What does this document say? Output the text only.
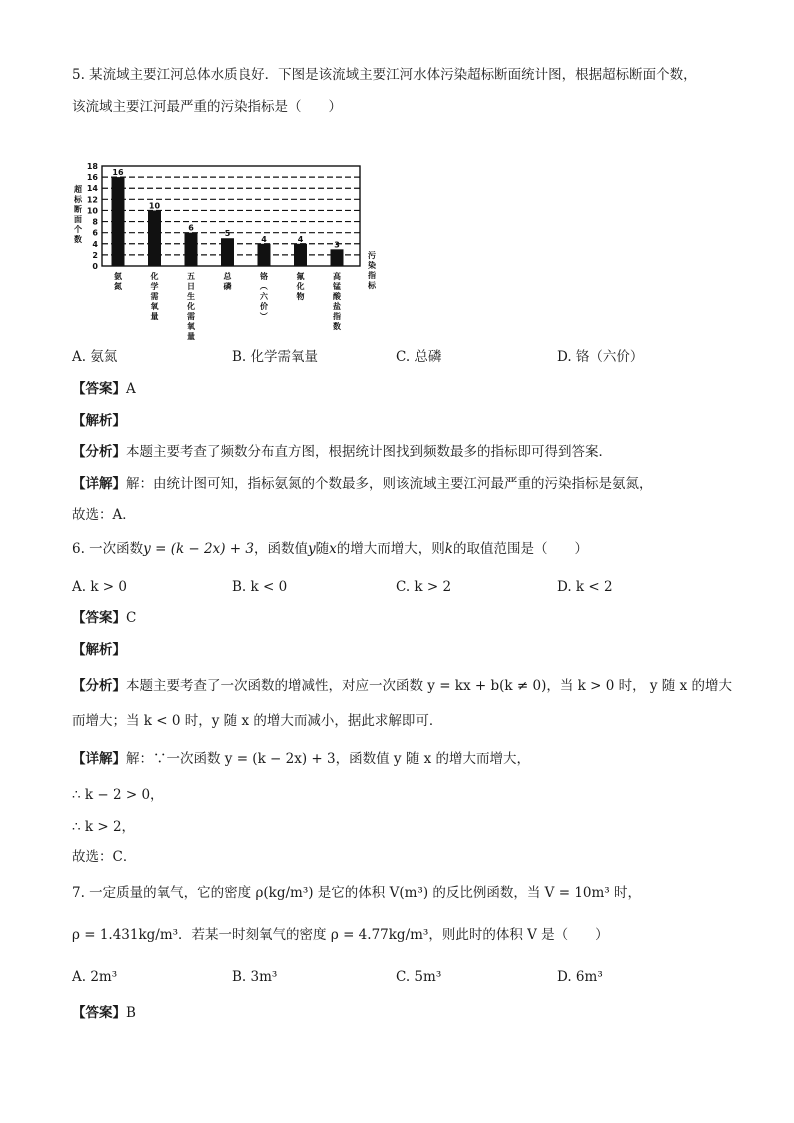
5. 某流域主要江河总体水质良好．下图是该流域主要江河水体污染超标断面统计图，根据超标断面个数，
该流域主要江河最严重的污染指标是（　　）
0
2
4
6
8
10
12
14
16
18
超
标
断
面
个
数
16
氨
氮
10
化
学
需
氧
量
6
五
日
生
化
需
氧
量
5
总
磷
4
铬
（
六
价
）
4
氟
化
物
3
高
锰
酸
盐
指
数
污
染
指
标
A. 氨氮	B. 化学需氧量	C. 总磷	D. 铬（六价）
【答案】A
【解析】
【分析】本题主要考查了频数分布直方图，根据统计图找到频数最多的指标即可得到答案．
【详解】解：由统计图可知，指标氨氮的个数最多，则该流域主要江河最严重的污染指标是氨氮，
故选：A．
6. 一次函数y = (k − 2x) + 3，函数值y随x的增大而增大，则k的取值范围是（　　）
A. k > 0	B. k < 0	C. k > 2	D. k < 2
【答案】C
【解析】
【分析】本题主要考查了一次函数的增减性，对应一次函数 y = kx + b(k ≠ 0)，当 k > 0 时， y 随 x 的增大
而增大；当 k < 0 时，y 随 x 的增大而减小，据此求解即可．
【详解】解：∵一次函数 y = (k − 2x) + 3，函数值 y 随 x 的增大而增大，
∴ k − 2 > 0，
∴ k > 2，
故选：C．
7. 一定质量的氧气，它的密度 ρ(kg/m³) 是它的体积 V(m³) 的反比例函数，当 V = 10m³ 时，
ρ = 1.431kg/m³．若某一时刻氧气的密度 ρ = 4.77kg/m³，则此时的体积 V 是（　　）
A. 2m³	B. 3m³	C. 5m³	D. 6m³
【答案】B
